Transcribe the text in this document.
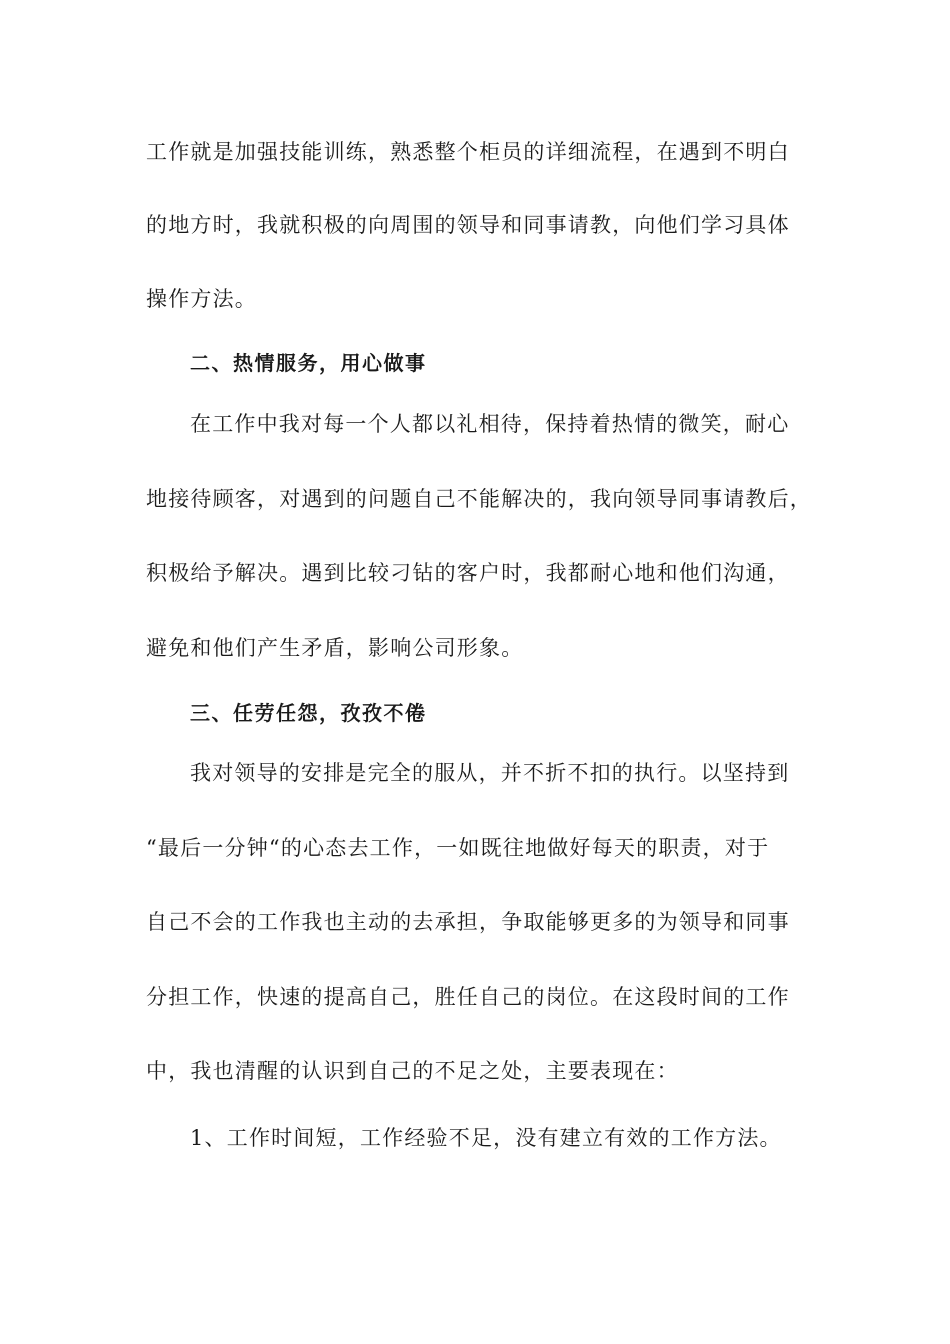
工作就是加强技能训练，熟悉整个柜员的详细流程，在遇到不明白
的地方时，我就积极的向周围的领导和同事请教，向他们学习具体
操作方法。
二、热情服务，用心做事
在工作中我对每一个人都以礼相待，保持着热情的微笑，耐心
地接待顾客，对遇到的问题自己不能解决的，我向领导同事请教后，
积极给予解决。遇到比较刁钻的客户时，我都耐心地和他们沟通，
避免和他们产生矛盾，影响公司形象。
三、任劳任怨，孜孜不倦
我对领导的安排是完全的服从，并不折不扣的执行。以坚持到
“最后一分钟“的心态去工作，一如既往地做好每天的职责，对于
自己不会的工作我也主动的去承担，争取能够更多的为领导和同事
分担工作，快速的提高自己，胜任自己的岗位。在这段时间的工作
中，我也清醒的认识到自己的不足之处，主要表现在：
1、工作时间短，工作经验不足，没有建立有效的工作方法。
